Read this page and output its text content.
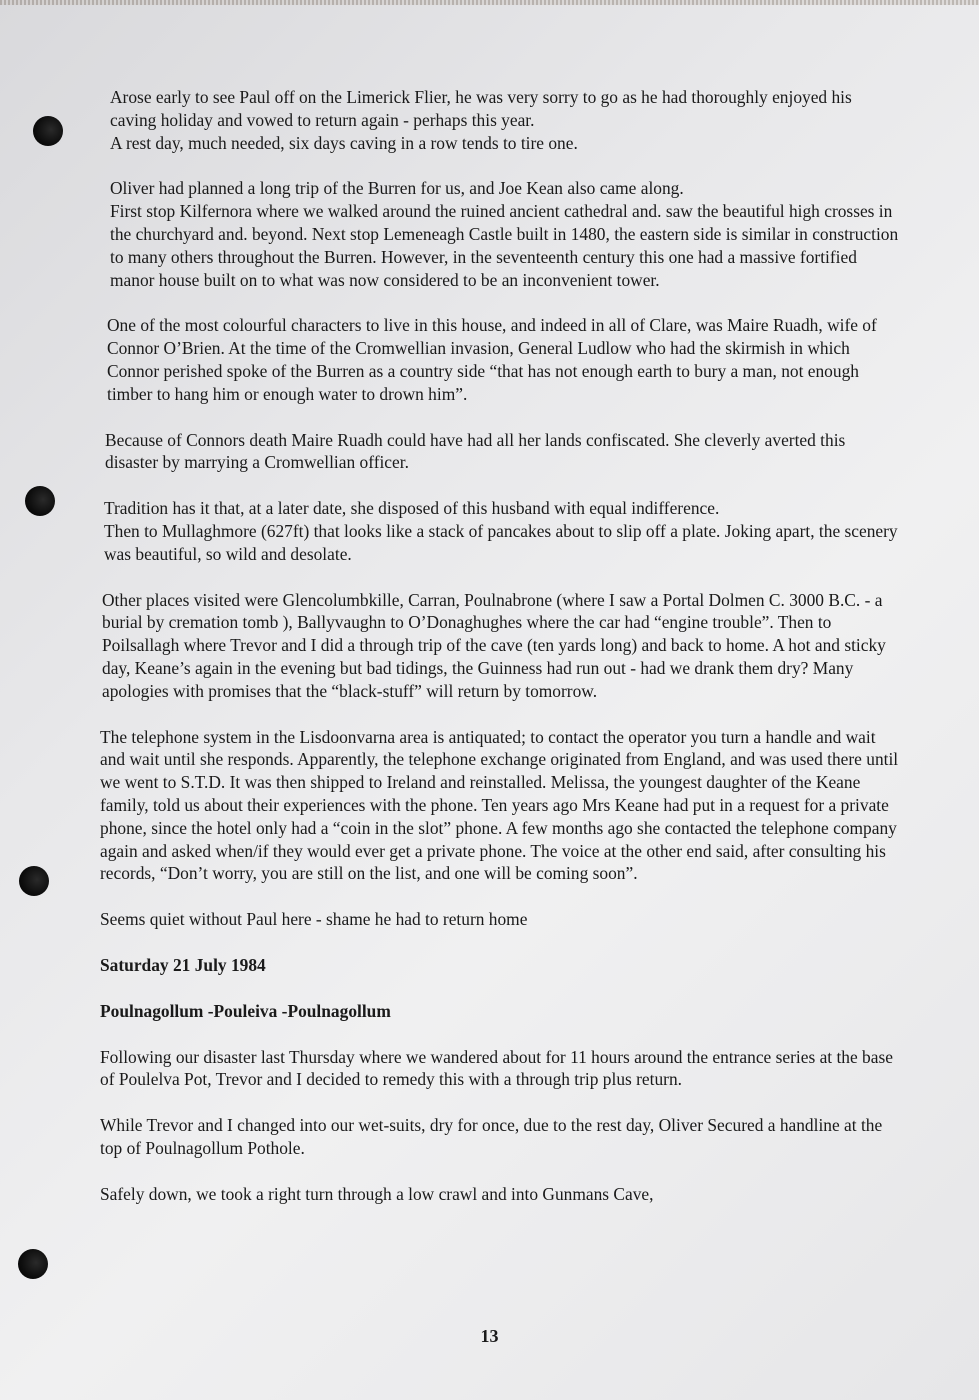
Arose early to see Paul off on the Limerick Flier, he was very sorry to go as he had thoroughly enjoyed his caving holiday and vowed to return again - perhaps this year.

A rest day, much needed, six days caving in a row tends to tire one.

Oliver had planned a long trip of the Burren for us, and Joe Kean also came along.

First stop Kilfernora where we walked around the ruined ancient cathedral and. saw the beautiful high crosses in the churchyard and. beyond. Next stop Lemeneagh Castle built in 1480, the eastern side is similar in construction to many others throughout the Burren. However, in the seventeenth century this one had a massive fortified manor house built on to what was now considered to be an inconvenient tower.

One of the most colourful characters to live in this house, and indeed in all of Clare, was Maire Ruadh, wife of Connor O’Brien. At the time of the Cromwellian invasion, General Ludlow who had the skirmish in which Connor perished spoke of the Burren as a country side “that has not enough earth to bury a man, not enough timber to hang him or enough water to drown him”.

Because of Connors death Maire Ruadh could have had all her lands confiscated. She cleverly averted this disaster by marrying a Cromwellian officer.

Tradition has it that, at a later date, she disposed of this husband with equal indifference.

Then to Mullaghmore (627ft) that looks like a stack of pancakes about to slip off a plate. Joking apart, the scenery was beautiful, so wild and desolate.

Other places visited were Glencolumbkille, Carran, Poulnabrone (where I saw a Portal Dolmen C. 3000 B.C. - a burial by cremation tomb ), Ballyvaughn to O’Donaghughes where the car had “engine trouble”. Then to Poilsallagh where Trevor and I did a through trip of the cave (ten yards long) and back to home. A hot and sticky day, Keane’s again in the evening but bad tidings, the Guinness had run out - had we drank them dry? Many apologies with promises that the “black-stuff” will return by tomorrow.

The telephone system in the Lisdoonvarna area is antiquated; to contact the operator you turn a handle and wait and wait until she responds. Apparently, the telephone exchange originated from England, and was used there until we went to S.T.D. It was then shipped to Ireland and reinstalled. Melissa, the youngest daughter of the Keane family, told us about their experiences with the phone. Ten years ago Mrs Keane had put in a request for a private phone, since the hotel only had a “coin in the slot” phone. A few months ago she contacted the telephone company again and asked when/if they would ever get a private phone. The voice at the other end said, after consulting his records, “Don’t worry, you are still on the list, and one will be coming soon”.

Seems quiet without Paul here - shame he had to return home

Saturday 21 July 1984

Poulnagollum -Pouleiva -Poulnagollum

Following our disaster last Thursday where we wandered about for 11 hours around the entrance series at the base of Poulelva Pot, Trevor and I decided to remedy this with a through trip plus return.

While Trevor and I changed into our wet-suits, dry for once, due to the rest day, Oliver Secured a handline at the top of Poulnagollum Pothole.

Safely down, we took a right turn through a low crawl and into Gunmans Cave,

13
